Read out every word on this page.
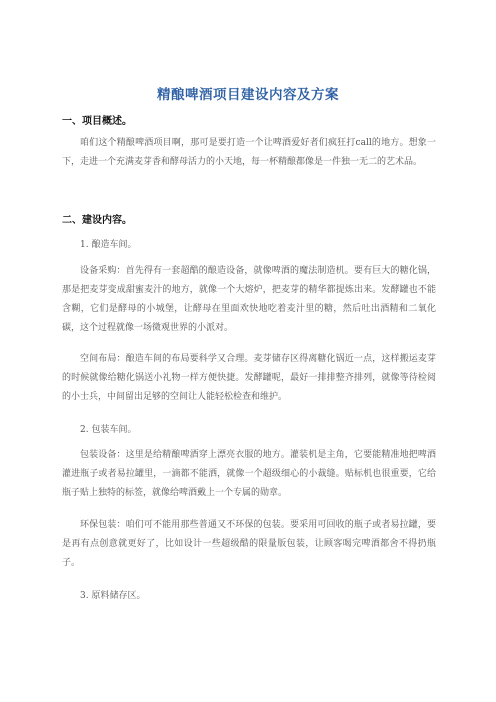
精酿啤酒项目建设内容及方案
一、项目概述。

咱们这个精酿啤酒项目啊，那可是要打造一个让啤酒爱好者们疯狂打call的地方。想象一下，走进一个充满麦芽香和酵母活力的小天地，每一杯精酿都像是一件独一无二的艺术品。

二、建设内容。
1. 酿造车间。

设备采购：首先得有一套超酷的酿造设备，就像啤酒的魔法制造机。要有巨大的糖化锅，那是把麦芽变成甜蜜麦汁的地方，就像一个大熔炉，把麦芽的精华都提炼出来。发酵罐也不能含糊，它们是酵母的小城堡，让酵母在里面欢快地吃着麦汁里的糖，然后吐出酒精和二氧化碳，这个过程就像一场微观世界的小派对。

空间布局：酿造车间的布局要科学又合理。麦芽储存区得离糖化锅近一点，这样搬运麦芽的时候就像给糖化锅送小礼物一样方便快捷。发酵罐呢，最好一排排整齐排列，就像等待检阅的小士兵，中间留出足够的空间让人能轻松检查和维护。

2. 包装车间。

包装设备：这里是给精酿啤酒穿上漂亮衣服的地方。灌装机是主角，它要能精准地把啤酒灌进瓶子或者易拉罐里，一滴都不能洒，就像一个超级细心的小裁缝。贴标机也很重要，它给瓶子贴上独特的标签，就像给啤酒戴上一个专属的勋章。

环保包装：咱们可不能用那些普通又不环保的包装。要采用可回收的瓶子或者易拉罐，要是再有点创意就更好了，比如设计一些超级酷的限量版包装，让顾客喝完啤酒都舍不得扔瓶子。

3. 原料储存区。
